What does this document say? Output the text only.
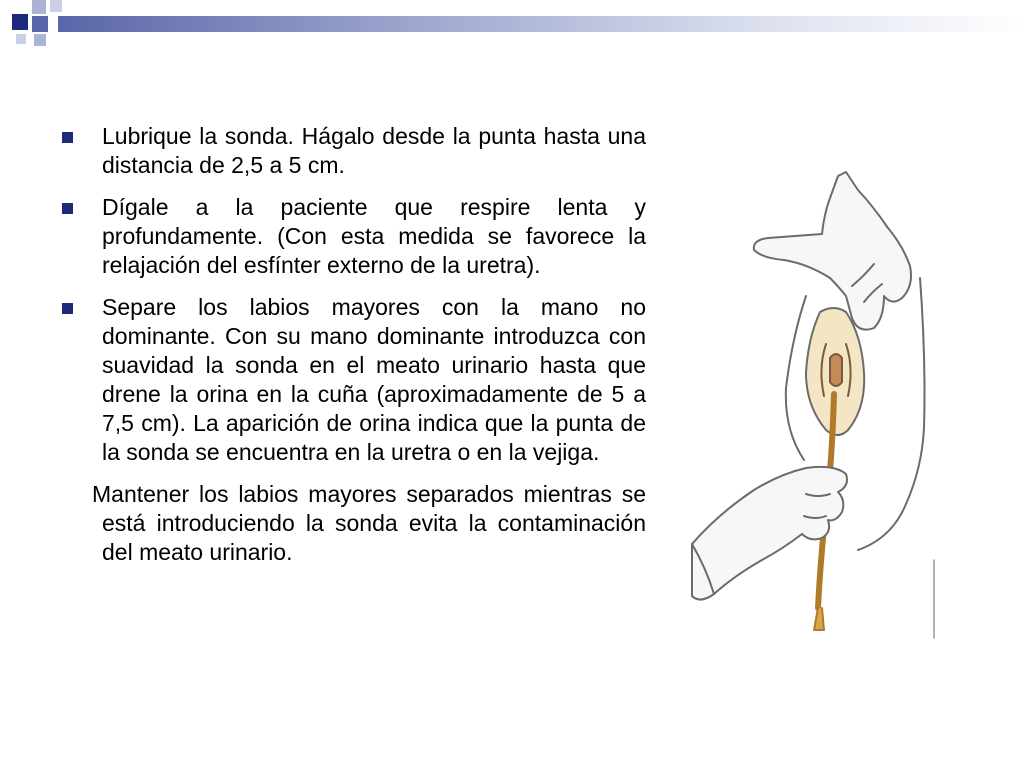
Lubrique la sonda. Hágalo desde la punta hasta una distancia de 2,5 a 5 cm.
Dígale a la paciente que respire lenta y profundamente. (Con esta medida se favorece la relajación del esfínter externo de la uretra).
Separe los labios mayores con la mano no dominante. Con su mano dominante introduzca con suavidad la sonda en el meato urinario hasta que drene la orina en la cuña (aproximadamente de 5 a 7,5 cm). La aparición de orina indica que la punta de la sonda se encuentra en la uretra o en la vejiga.
Mantener los labios mayores separados mientras se está introduciendo la sonda evita la contaminación del meato urinario.
